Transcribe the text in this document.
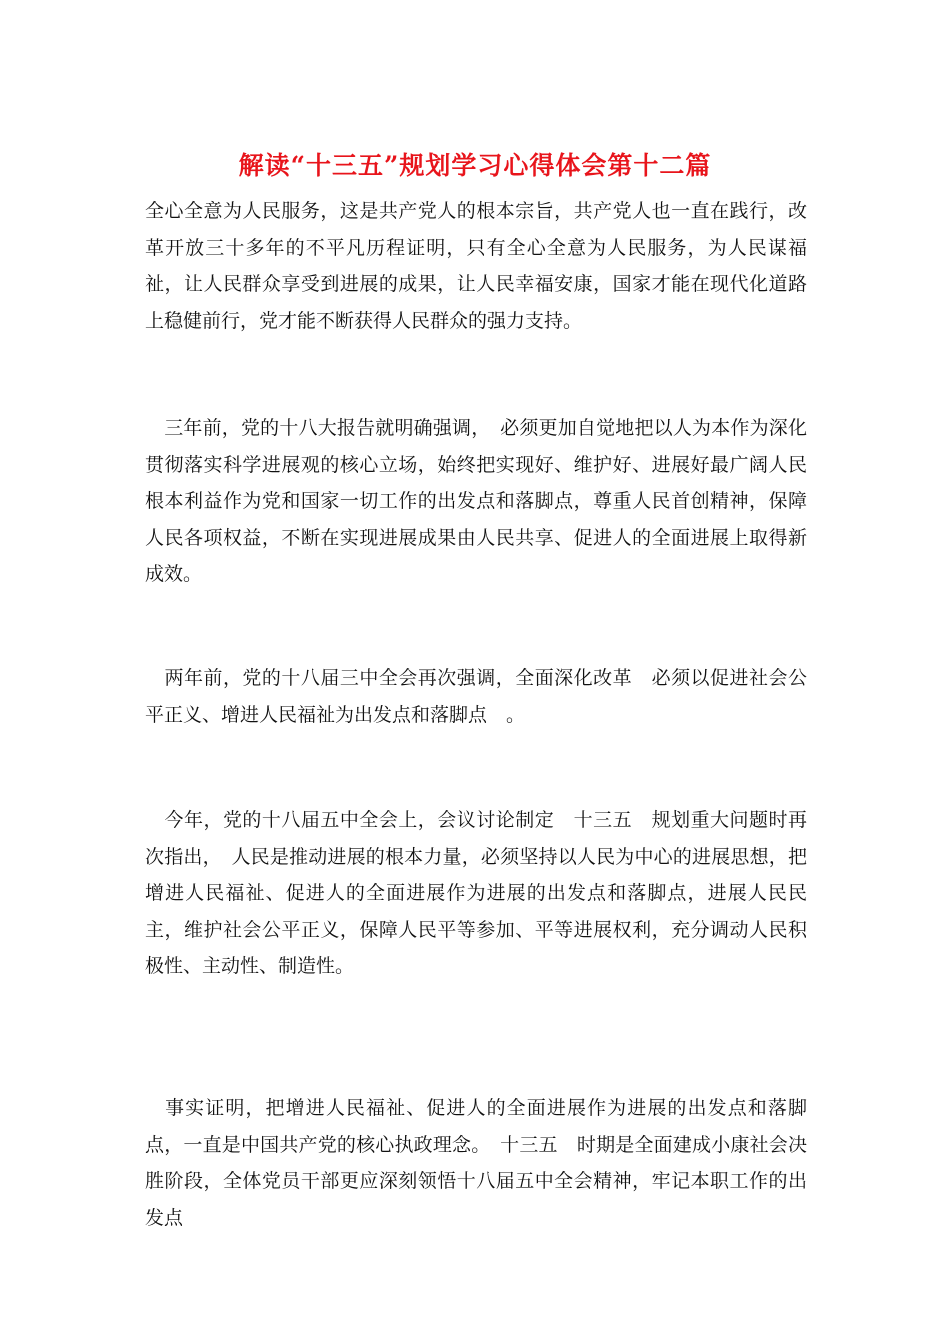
解读“十三五”规划学习心得体会第十二篇

全心全意为人民服务，这是共产党人的根本宗旨，共产党人也一直在践行，改革开放三十多年的不平凡历程证明，只有全心全意为人民服务，为人民谋福祉，让人民群众享受到进展的成果，让人民幸福安康，国家才能在现代化道路上稳健前行，党才能不断获得人民群众的强力支持。

　三年前，党的十八大报告就明确强调，　必须更加自觉地把以人为本作为深化贯彻落实科学进展观的核心立场，始终把实现好、维护好、进展好最广阔人民根本利益作为党和国家一切工作的出发点和落脚点，尊重人民首创精神，保障人民各项权益，不断在实现进展成果由人民共享、促进人的全面进展上取得新成效。

　两年前，党的十八届三中全会再次强调，全面深化改革　必须以促进社会公平正义、增进人民福祉为出发点和落脚点　。

　今年，党的十八届五中全会上，会议讨论制定　十三五　规划重大问题时再次指出，　人民是推动进展的根本力量，必须坚持以人民为中心的进展思想，把增进人民福祉、促进人的全面进展作为进展的出发点和落脚点，进展人民民主，维护社会公平正义，保障人民平等参加、平等进展权利，充分调动人民积极性、主动性、制造性。

　事实证明，把增进人民福祉、促进人的全面进展作为进展的出发点和落脚点，一直是中国共产党的核心执政理念。　十三五　时期是全面建成小康社会决胜阶段，全体党员干部更应深刻领悟十八届五中全会精神，牢记本职工作的出发点
